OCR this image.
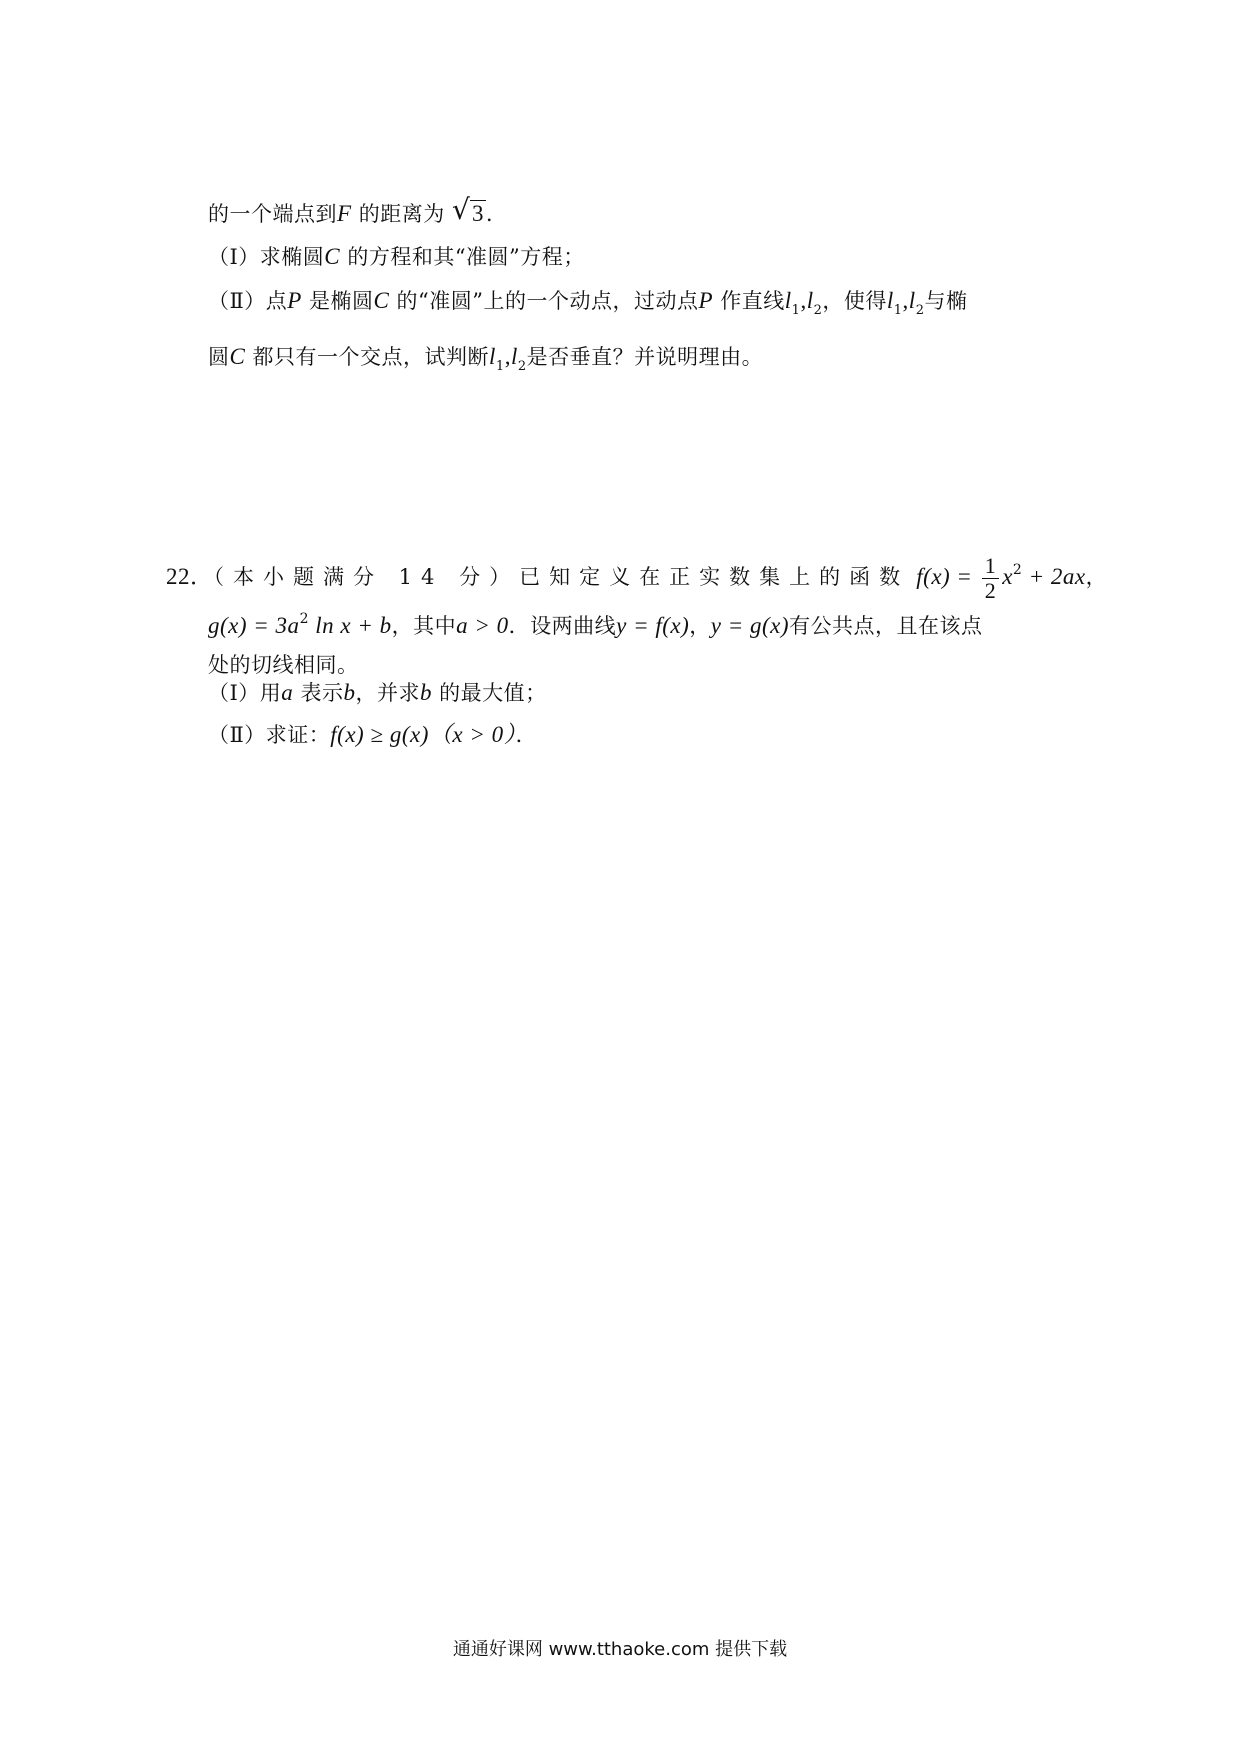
的一个端点到F 的距离为 √ 3．
（Ⅰ）求椭圆C 的方程和其“准圆”方程；
（Ⅱ）点P 是椭圆C 的“准圆”上的一个动点，过动点P 作直线$l_1,l_2$，使得$l_1,l_2$与椭
圆C 都只有一个交点，试判断$l_1,l_2$是否垂直？并说明理由。
22．（本小题满分 14 分）已知定义在正实数集上的函数 $f(x) = \frac{1}{2} x^2 + 2ax$，
$g(x) = 3a^2$ ln x + b，其中a > 0．设两曲线y = f(x)，y = g(x)有公共点，且在该点
处的切线相同。
（Ⅰ）用a 表示b，并求b 的最大值；
（Ⅱ）求证：f(x) ≥ g(x)（x > 0）．
通通好课网 www.tthaoke.com 提供下载
